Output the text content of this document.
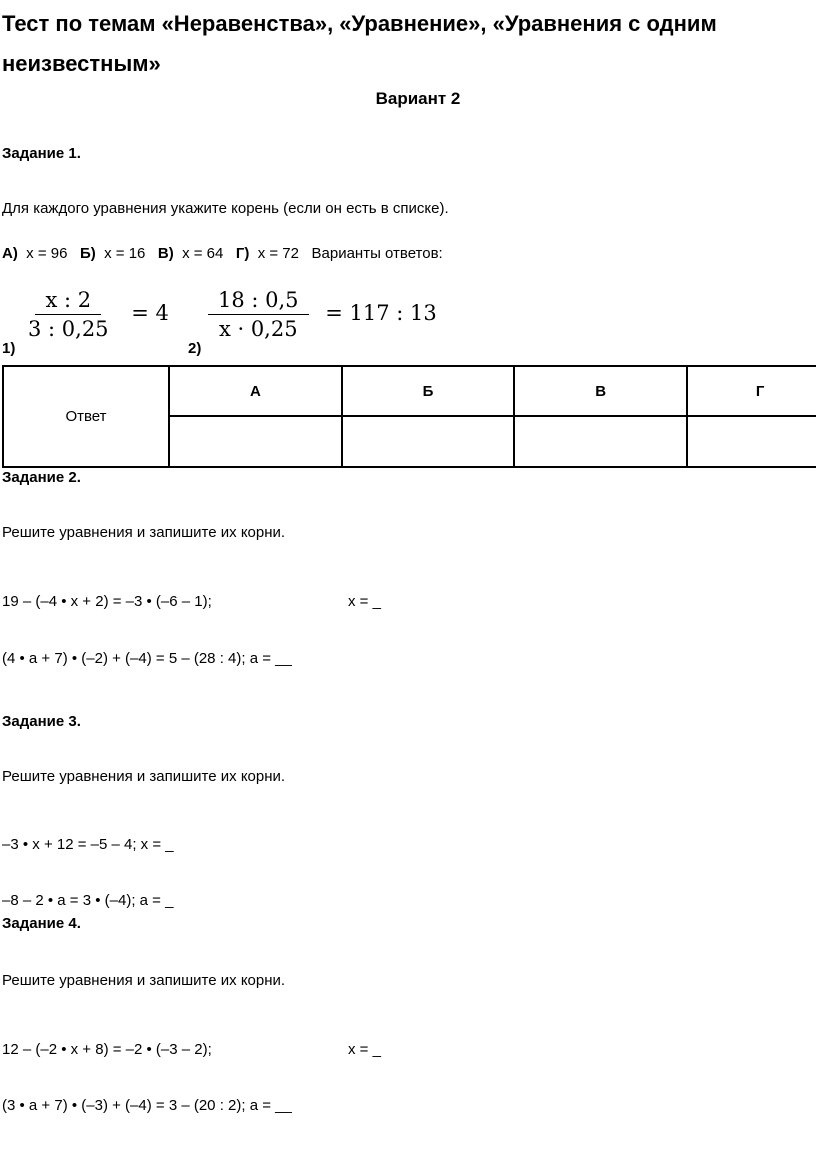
Тест по темам «Неравенства», «Уравнение», «Уравнения с одним неизвестным»
Вариант 2
Задание 1.
Для каждого уравнения укажите корень (если он есть в списке).
А) x = 96 Б) x = 16 В) x = 64 Г) x = 72 Варианты ответов:
$\frac{x : 2}{3 : 0,25} = 4$
1)
$\frac{18 : 0,5}{x \cdot 0,25} = 117$ : 13
2)
Ответ	А	Б	В	Г

Задание 2.
Решите уравнения и запишите их корни.
19 – (–4 • x + 2) = –3 • (–6 – 1);	x = _
(4 • a + 7) • (–2) + (–4) = 5 – (28 : 4); a = __
Задание 3.
Решите уравнения и запишите их корни.
–3 • x + 12 = –5 – 4; x = _
–8 – 2 • a = 3 • (–4); a = _
Задание 4.
Решите уравнения и запишите их корни.
12 – (–2 • x + 8) = –2 • (–3 – 2);	x = _
(3 • a + 7) • (–3) + (–4) = 3 – (20 : 2); a = __
